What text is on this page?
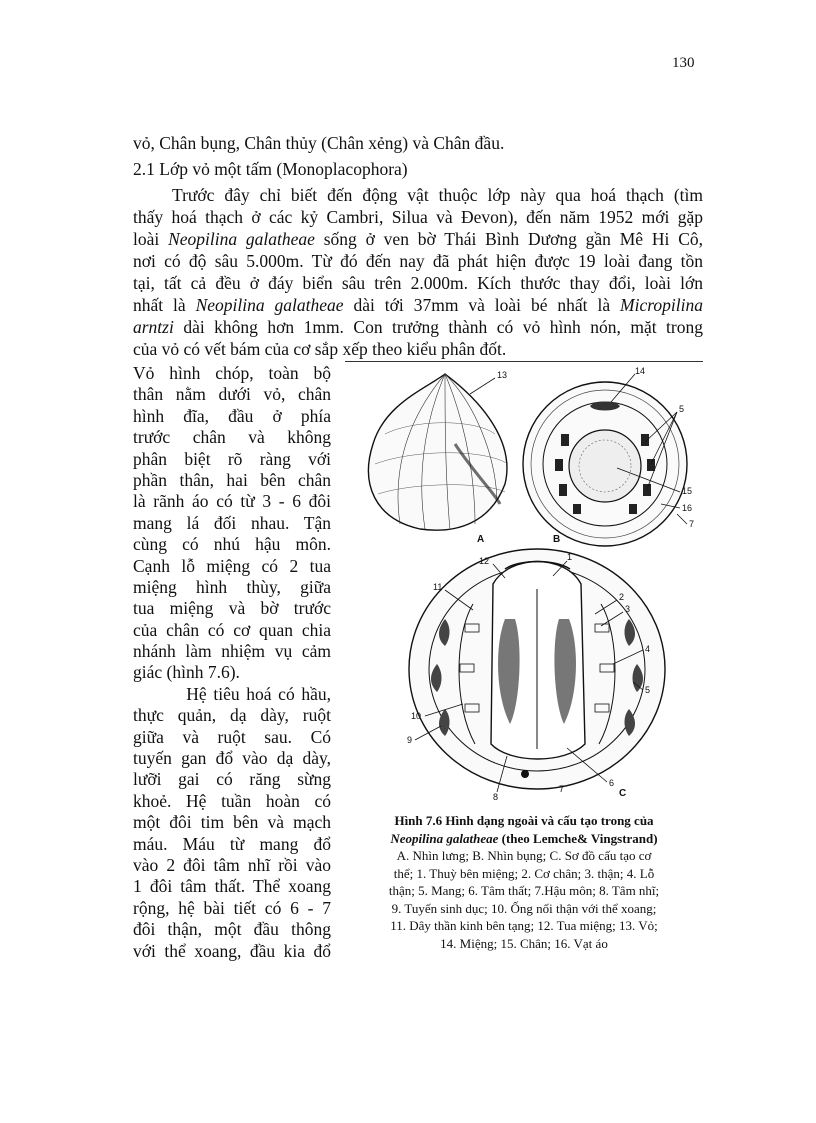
130
vỏ, Chân bụng, Chân thủy (Chân xẻng) và Chân đầu.
2.1 Lớp vỏ một tấm (Monoplacophora)
Trước đây chỉ biết đến động vật thuộc lớp này qua hoá thạch (tìm
thấy hoá thạch ở các kỷ Cambri, Silua và Đevon), đến năm 1952 mới gặp
loài Neopilina galatheae sống ở ven bờ Thái Bình Dương gần Mê Hi Cô,
nơi có độ sâu 5.000m. Từ đó đến nay đã phát hiện được 19 loài đang tồn
tại, tất cả đều ở đáy biển sâu trên 2.000m. Kích thước thay đổi, loài lớn
nhất là Neopilina galatheae dài tới 37mm và loài bé nhất là Micropilina
arntzi dài không hơn 1mm. Con trưởng thành có vỏ hình nón, mặt trong
của vỏ có vết bám của cơ sắp xếp theo kiểu phân đốt.
Vỏ hình chóp, toàn bộ
thân nằm dưới vỏ, chân
hình đĩa, đầu ở phía
trước chân và không
phân biệt rõ ràng với
phần thân, hai bên chân
là rãnh áo có từ 3 - 6 đôi
mang lá đối nhau. Tận
cùng có nhú hậu môn.
Cạnh lỗ miệng có 2 tua
miệng hình thùy, giữa
tua miệng và bờ trước
của chân có cơ quan chia
nhánh làm nhiệm vụ cảm
giác (hình 7.6).
Hệ tiêu hoá có hầu,
thực quản, dạ dày, ruột
giữa và ruột sau. Có
tuyến gan đổ vào dạ dày,
lưỡi gai có răng sừng
khoẻ. Hệ tuần hoàn có
một đôi tim bên và mạch
máu. Máu từ mang đổ
vào 2 đôi tâm nhĩ rồi vào
1 đôi tâm thất. Thể xoang
rộng, hệ bài tiết có 6 - 7
đôi thận, một đầu thông
với thể xoang, đầu kia đổ
13	14
5
15
16
7
A	B
1
12
11
2
3
4
5
10
9
6
8
7	C
Hình 7.6 Hình dạng ngoài và cấu tạo trong của
Neopilina galatheae (theo Lemche& Vingstrand)
A. Nhìn lưng; B. Nhìn bụng; C. Sơ đồ cấu tạo cơ
thể; 1. Thuỳ bên miệng; 2. Cơ chân; 3. thận; 4. Lỗ
thận; 5. Mang; 6. Tâm thất; 7.Hậu môn; 8. Tâm nhĩ;
9. Tuyến sinh dục; 10. Ống nối thận với thể xoang;
11. Dây thần kinh bên tạng; 12. Tua miệng; 13. Vỏ;
14. Miệng; 15. Chân; 16. Vạt áo
